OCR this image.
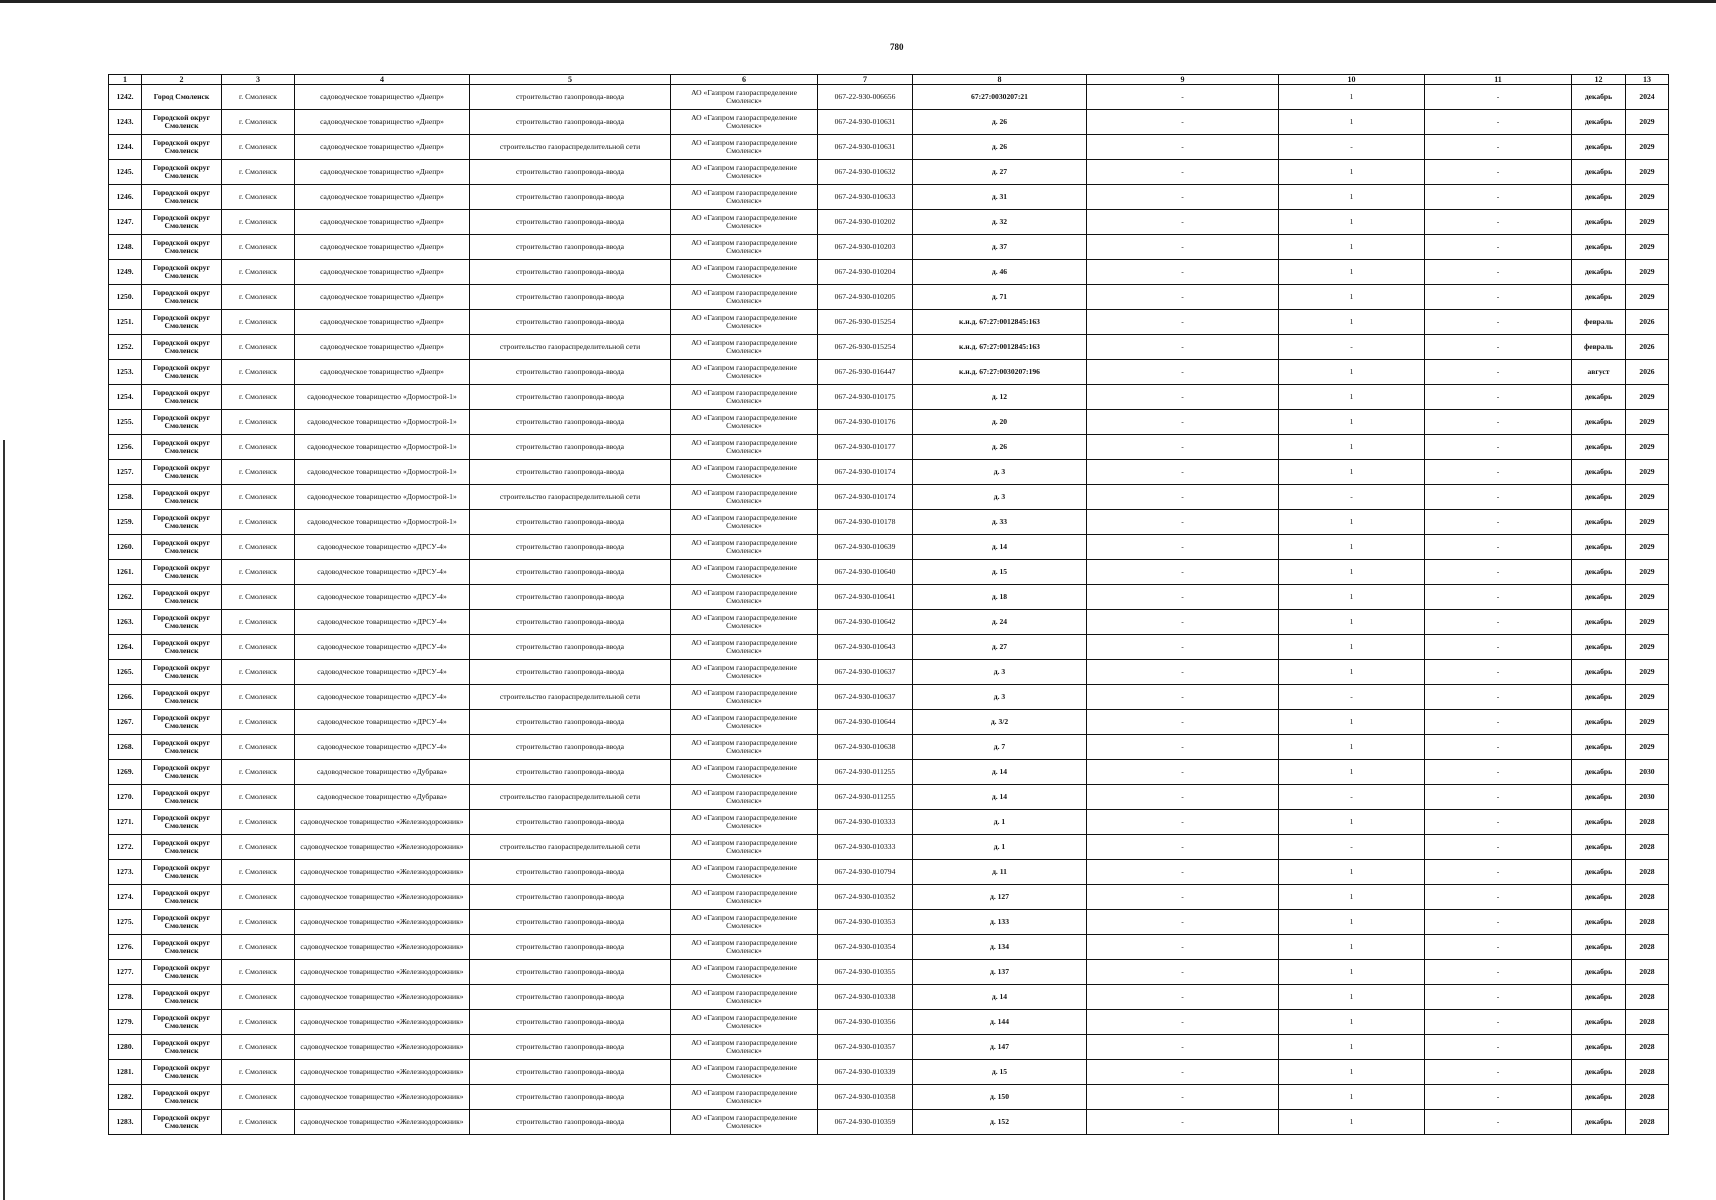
780
1	2	3	4	5	6	7	8	9	10	11	12	13
1242.	Город Смоленск	г. Смоленск	садоводческое товарищество «Днепр»	строительство газопровода-ввода	АО «Газпром газораспределение Смоленск»	067-22-930-006656	67:27:0030207:21	-	1	-	декабрь	2024
1243.	Городской округ Смоленск	г. Смоленск	садоводческое товарищество «Днепр»	строительство газопровода-ввода	АО «Газпром газораспределение Смоленск»	067-24-930-010631	д. 26	-	1	-	декабрь	2029
1244.	Городской округ Смоленск	г. Смоленск	садоводческое товарищество «Днепр»	строительство газораспределительной сети	АО «Газпром газораспределение Смоленск»	067-24-930-010631	д. 26	-	-	-	декабрь	2029
1245.	Городской округ Смоленск	г. Смоленск	садоводческое товарищество «Днепр»	строительство газопровода-ввода	АО «Газпром газораспределение Смоленск»	067-24-930-010632	д. 27	-	1	-	декабрь	2029
1246.	Городской округ Смоленск	г. Смоленск	садоводческое товарищество «Днепр»	строительство газопровода-ввода	АО «Газпром газораспределение Смоленск»	067-24-930-010633	д. 31	-	1	-	декабрь	2029
1247.	Городской округ Смоленск	г. Смоленск	садоводческое товарищество «Днепр»	строительство газопровода-ввода	АО «Газпром газораспределение Смоленск»	067-24-930-010202	д. 32	-	1	-	декабрь	2029
1248.	Городской округ Смоленск	г. Смоленск	садоводческое товарищество «Днепр»	строительство газопровода-ввода	АО «Газпром газораспределение Смоленск»	067-24-930-010203	д. 37	-	1	-	декабрь	2029
1249.	Городской округ Смоленск	г. Смоленск	садоводческое товарищество «Днепр»	строительство газопровода-ввода	АО «Газпром газораспределение Смоленск»	067-24-930-010204	д. 46	-	1	-	декабрь	2029
1250.	Городской округ Смоленск	г. Смоленск	садоводческое товарищество «Днепр»	строительство газопровода-ввода	АО «Газпром газораспределение Смоленск»	067-24-930-010205	д. 71	-	1	-	декабрь	2029
1251.	Городской округ Смоленск	г. Смоленск	садоводческое товарищество «Днепр»	строительство газопровода-ввода	АО «Газпром газораспределение Смоленск»	067-26-930-015254	к.н.д. 67:27:0012845:163	-	1	-	февраль	2026
1252.	Городской округ Смоленск	г. Смоленск	садоводческое товарищество «Днепр»	строительство газораспределительной сети	АО «Газпром газораспределение Смоленск»	067-26-930-015254	к.н.д. 67:27:0012845:163	-	-	-	февраль	2026
1253.	Городской округ Смоленск	г. Смоленск	садоводческое товарищество «Днепр»	строительство газопровода-ввода	АО «Газпром газораспределение Смоленск»	067-26-930-016447	к.н.д. 67:27:0030207:196	-	1	-	август	2026
1254.	Городской округ Смоленск	г. Смоленск	садоводческое товарищество «Дормострой-1»	строительство газопровода-ввода	АО «Газпром газораспределение Смоленск»	067-24-930-010175	д. 12	-	1	-	декабрь	2029
1255.	Городской округ Смоленск	г. Смоленск	садоводческое товарищество «Дормострой-1»	строительство газопровода-ввода	АО «Газпром газораспределение Смоленск»	067-24-930-010176	д. 20	-	1	-	декабрь	2029
1256.	Городской округ Смоленск	г. Смоленск	садоводческое товарищество «Дормострой-1»	строительство газопровода-ввода	АО «Газпром газораспределение Смоленск»	067-24-930-010177	д. 26	-	1	-	декабрь	2029
1257.	Городской округ Смоленск	г. Смоленск	садоводческое товарищество «Дормострой-1»	строительство газопровода-ввода	АО «Газпром газораспределение Смоленск»	067-24-930-010174	д. 3	-	1	-	декабрь	2029
1258.	Городской округ Смоленск	г. Смоленск	садоводческое товарищество «Дормострой-1»	строительство газораспределительной сети	АО «Газпром газораспределение Смоленск»	067-24-930-010174	д. 3	-	-	-	декабрь	2029
1259.	Городской округ Смоленск	г. Смоленск	садоводческое товарищество «Дормострой-1»	строительство газопровода-ввода	АО «Газпром газораспределение Смоленск»	067-24-930-010178	д. 33	-	1	-	декабрь	2029
1260.	Городской округ Смоленск	г. Смоленск	садоводческое товарищество «ДРСУ-4»	строительство газопровода-ввода	АО «Газпром газораспределение Смоленск»	067-24-930-010639	д. 14	-	1	-	декабрь	2029
1261.	Городской округ Смоленск	г. Смоленск	садоводческое товарищество «ДРСУ-4»	строительство газопровода-ввода	АО «Газпром газораспределение Смоленск»	067-24-930-010640	д. 15	-	1	-	декабрь	2029
1262.	Городской округ Смоленск	г. Смоленск	садоводческое товарищество «ДРСУ-4»	строительство газопровода-ввода	АО «Газпром газораспределение Смоленск»	067-24-930-010641	д. 18	-	1	-	декабрь	2029
1263.	Городской округ Смоленск	г. Смоленск	садоводческое товарищество «ДРСУ-4»	строительство газопровода-ввода	АО «Газпром газораспределение Смоленск»	067-24-930-010642	д. 24	-	1	-	декабрь	2029
1264.	Городской округ Смоленск	г. Смоленск	садоводческое товарищество «ДРСУ-4»	строительство газопровода-ввода	АО «Газпром газораспределение Смоленск»	067-24-930-010643	д. 27	-	1	-	декабрь	2029
1265.	Городской округ Смоленск	г. Смоленск	садоводческое товарищество «ДРСУ-4»	строительство газопровода-ввода	АО «Газпром газораспределение Смоленск»	067-24-930-010637	д. 3	-	1	-	декабрь	2029
1266.	Городской округ Смоленск	г. Смоленск	садоводческое товарищество «ДРСУ-4»	строительство газораспределительной сети	АО «Газпром газораспределение Смоленск»	067-24-930-010637	д. 3	-	-	-	декабрь	2029
1267.	Городской округ Смоленск	г. Смоленск	садоводческое товарищество «ДРСУ-4»	строительство газопровода-ввода	АО «Газпром газораспределение Смоленск»	067-24-930-010644	д. 3/2	-	1	-	декабрь	2029
1268.	Городской округ Смоленск	г. Смоленск	садоводческое товарищество «ДРСУ-4»	строительство газопровода-ввода	АО «Газпром газораспределение Смоленск»	067-24-930-010638	д. 7	-	1	-	декабрь	2029
1269.	Городской округ Смоленск	г. Смоленск	садоводческое товарищество «Дубрава»	строительство газопровода-ввода	АО «Газпром газораспределение Смоленск»	067-24-930-011255	д. 14	-	1	-	декабрь	2030
1270.	Городской округ Смоленск	г. Смоленск	садоводческое товарищество «Дубрава»	строительство газораспределительной сети	АО «Газпром газораспределение Смоленск»	067-24-930-011255	д. 14	-	-	-	декабрь	2030
1271.	Городской округ Смоленск	г. Смоленск	садоводческое товарищество «Железнодорожник»	строительство газопровода-ввода	АО «Газпром газораспределение Смоленск»	067-24-930-010333	д. 1	-	1	-	декабрь	2028
1272.	Городской округ Смоленск	г. Смоленск	садоводческое товарищество «Железнодорожник»	строительство газораспределительной сети	АО «Газпром газораспределение Смоленск»	067-24-930-010333	д. 1	-	-	-	декабрь	2028
1273.	Городской округ Смоленск	г. Смоленск	садоводческое товарищество «Железнодорожник»	строительство газопровода-ввода	АО «Газпром газораспределение Смоленск»	067-24-930-010794	д. 11	-	1	-	декабрь	2028
1274.	Городской округ Смоленск	г. Смоленск	садоводческое товарищество «Железнодорожник»	строительство газопровода-ввода	АО «Газпром газораспределение Смоленск»	067-24-930-010352	д. 127	-	1	-	декабрь	2028
1275.	Городской округ Смоленск	г. Смоленск	садоводческое товарищество «Железнодорожник»	строительство газопровода-ввода	АО «Газпром газораспределение Смоленск»	067-24-930-010353	д. 133	-	1	-	декабрь	2028
1276.	Городской округ Смоленск	г. Смоленск	садоводческое товарищество «Железнодорожник»	строительство газопровода-ввода	АО «Газпром газораспределение Смоленск»	067-24-930-010354	д. 134	-	1	-	декабрь	2028
1277.	Городской округ Смоленск	г. Смоленск	садоводческое товарищество «Железнодорожник»	строительство газопровода-ввода	АО «Газпром газораспределение Смоленск»	067-24-930-010355	д. 137	-	1	-	декабрь	2028
1278.	Городской округ Смоленск	г. Смоленск	садоводческое товарищество «Железнодорожник»	строительство газопровода-ввода	АО «Газпром газораспределение Смоленск»	067-24-930-010338	д. 14	-	1	-	декабрь	2028
1279.	Городской округ Смоленск	г. Смоленск	садоводческое товарищество «Железнодорожник»	строительство газопровода-ввода	АО «Газпром газораспределение Смоленск»	067-24-930-010356	д. 144	-	1	-	декабрь	2028
1280.	Городской округ Смоленск	г. Смоленск	садоводческое товарищество «Железнодорожник»	строительство газопровода-ввода	АО «Газпром газораспределение Смоленск»	067-24-930-010357	д. 147	-	1	-	декабрь	2028
1281.	Городской округ Смоленск	г. Смоленск	садоводческое товарищество «Железнодорожник»	строительство газопровода-ввода	АО «Газпром газораспределение Смоленск»	067-24-930-010339	д. 15	-	1	-	декабрь	2028
1282.	Городской округ Смоленск	г. Смоленск	садоводческое товарищество «Железнодорожник»	строительство газопровода-ввода	АО «Газпром газораспределение Смоленск»	067-24-930-010358	д. 150	-	1	-	декабрь	2028
1283.	Городской округ Смоленск	г. Смоленск	садоводческое товарищество «Железнодорожник»	строительство газопровода-ввода	АО «Газпром газораспределение Смоленск»	067-24-930-010359	д. 152	-	1	-	декабрь	2028
